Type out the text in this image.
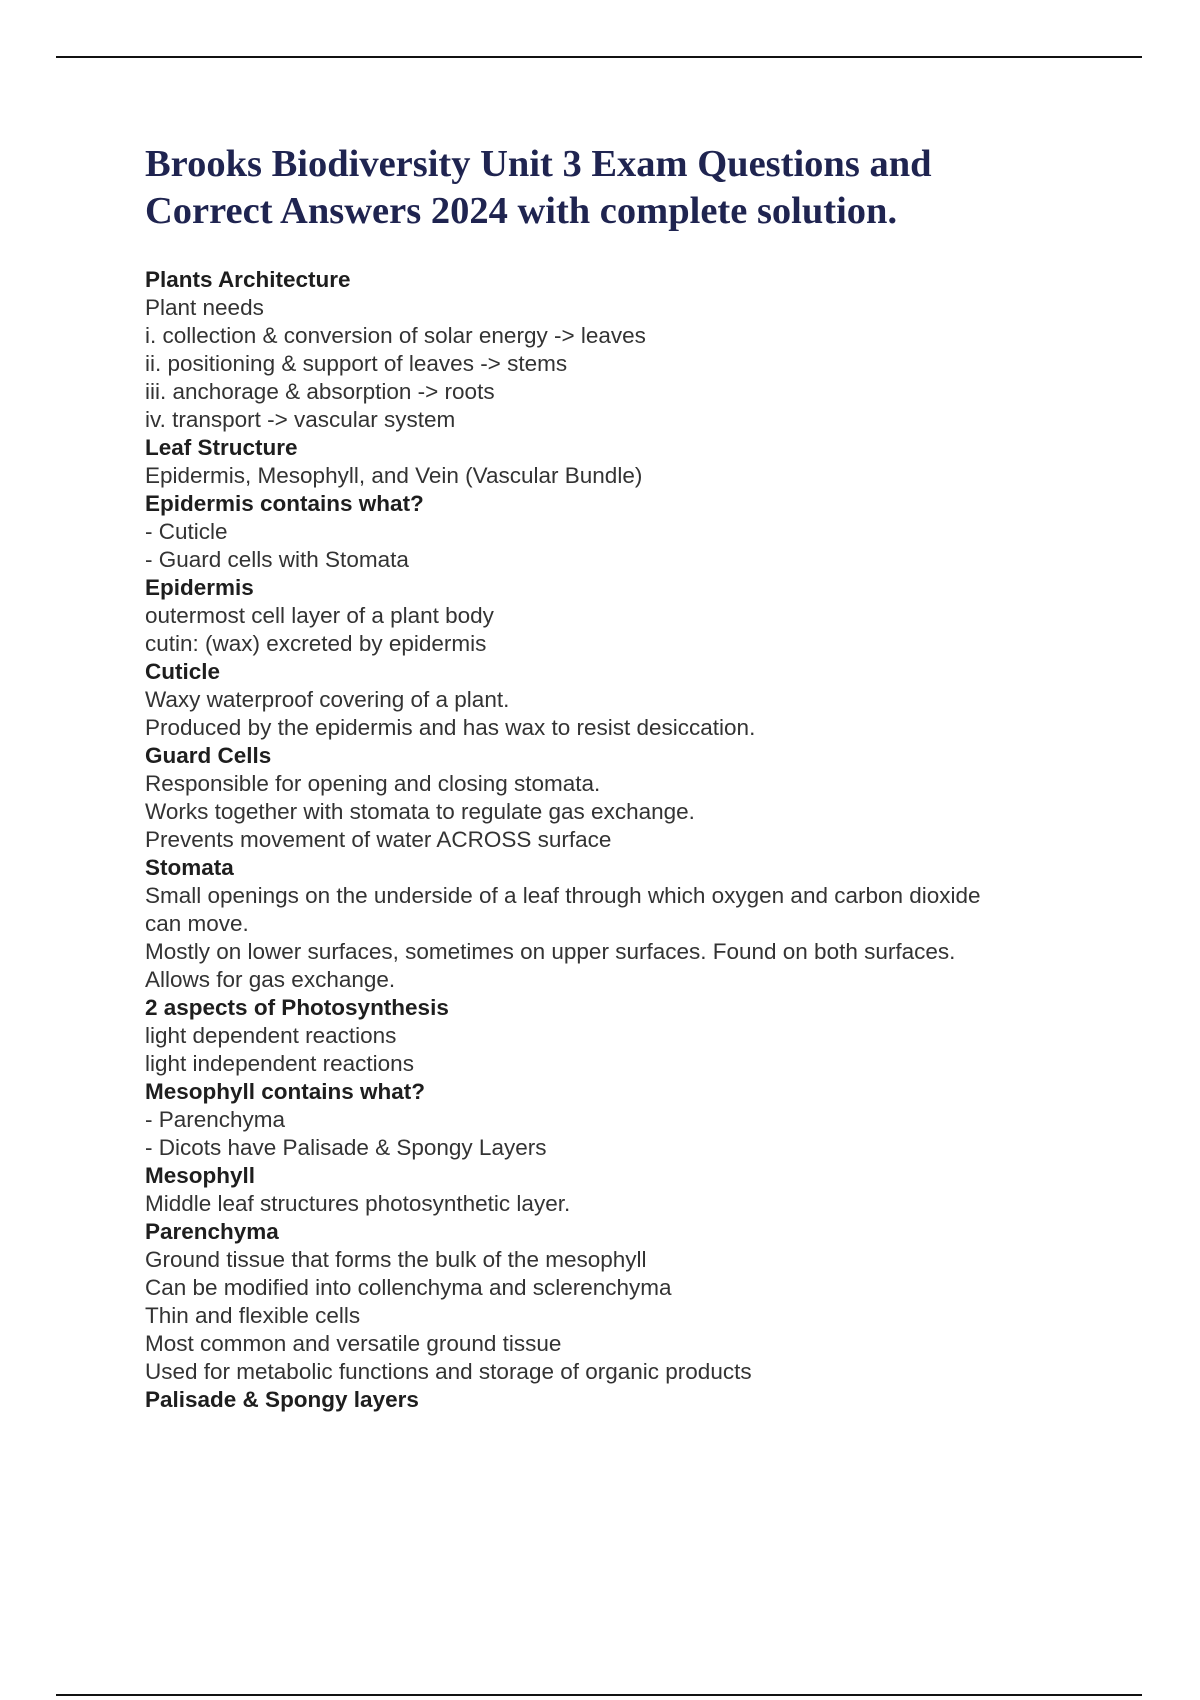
Brooks Biodiversity Unit 3 Exam Questions and Correct Answers 2024 with complete solution.

Plants Architecture

Plant needs

i. collection & conversion of solar energy -> leaves

ii. positioning & support of leaves -> stems

iii. anchorage & absorption -> roots

iv. transport -> vascular system

Leaf Structure

Epidermis, Mesophyll, and Vein (Vascular Bundle)

Epidermis contains what?

- Cuticle

- Guard cells with Stomata

Epidermis

outermost cell layer of a plant body

cutin: (wax) excreted by epidermis

Cuticle

Waxy waterproof covering of a plant.

Produced by the epidermis and has wax to resist desiccation.

Guard Cells

Responsible for opening and closing stomata.

Works together with stomata to regulate gas exchange.

Prevents movement of water ACROSS surface

Stomata

Small openings on the underside of a leaf through which oxygen and carbon dioxide

can move.

Mostly on lower surfaces, sometimes on upper surfaces. Found on both surfaces.

Allows for gas exchange.

2 aspects of Photosynthesis

light dependent reactions

light independent reactions

Mesophyll contains what?

- Parenchyma

- Dicots have Palisade & Spongy Layers

Mesophyll

Middle leaf structures photosynthetic layer.

Parenchyma

Ground tissue that forms the bulk of the mesophyll

Can be modified into collenchyma and sclerenchyma

Thin and flexible cells

Most common and versatile ground tissue

Used for metabolic functions and storage of organic products

Palisade & Spongy layers
